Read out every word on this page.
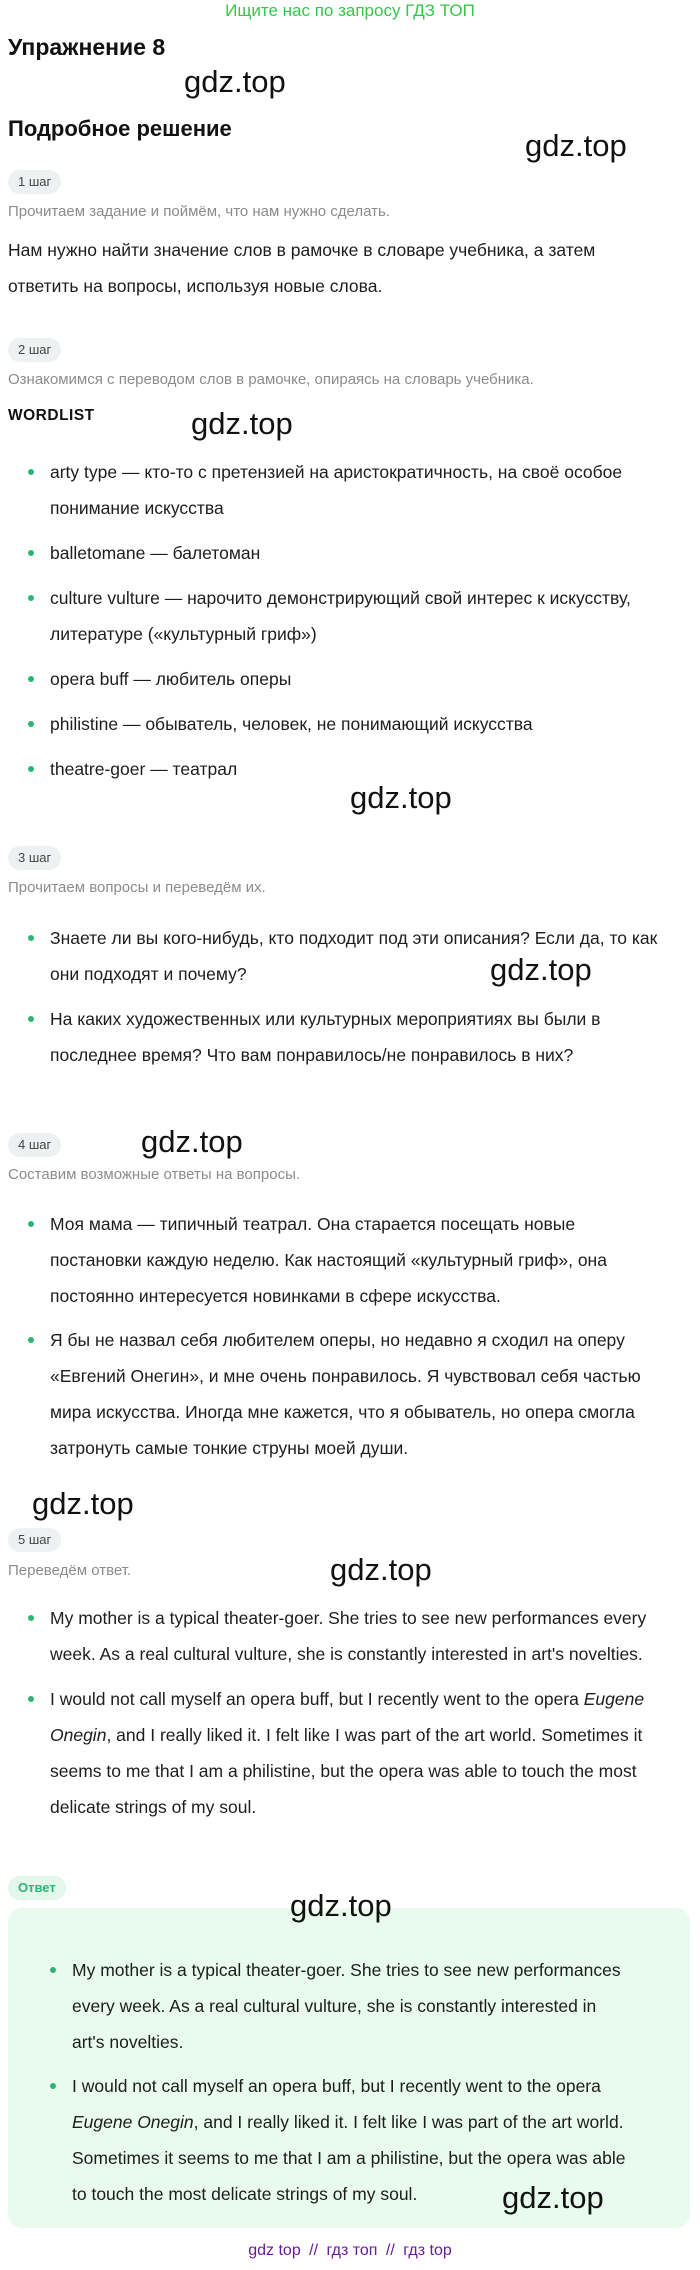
Ищите нас по запросу ГДЗ ТОП
Упражнение 8
gdz.top
Подробное решение	gdz.top
1 шаг
Прочитаем задание и поймём, что нам нужно сделать.
Нам нужно найти значение слов в рамочке в словаре учебника, а затем
ответить на вопросы, используя новые слова.
2 шаг
Ознакомимся с переводом слов в рамочке, опираясь на словарь учебника.
WORDLIST	gdz.top
arty type — кто-то с претензией на аристократичность, на своё особое
понимание искусства
balletomane — балетоман
culture vulture — нарочито демонстрирующий свой интерес к искусству,
литературе («культурный гриф»)
opera buff — любитель оперы
philistine — обыватель, человек, не понимающий искусства
theatre-goer — театрал
gdz.top
3 шаг
Прочитаем вопросы и переведём их.
Знаете ли вы кого-нибудь, кто подходит под эти описания? Если да, то как
они подходят и почему?	gdz.top
На каких художественных или культурных мероприятиях вы были в
последнее время? Что вам понравилось/не понравилось в них?
4 шаг	gdz.top
Составим возможные ответы на вопросы.
Моя мама — типичный театрал. Она старается посещать новые
постановки каждую неделю. Как настоящий «культурный гриф», она
постоянно интересуется новинками в сфере искусства.
Я бы не назвал себя любителем оперы, но недавно я сходил на оперу
«Евгений Онегин», и мне очень понравилось. Я чувствовал себя частью
мира искусства. Иногда мне кажется, что я обыватель, но опера смогла
затронуть самые тонкие струны моей души.
gdz.top
5 шаг
Переведём ответ.	gdz.top
My mother is a typical theater-goer. She tries to see new performances every
week. As a real cultural vulture, she is constantly interested in art's novelties.
I would not call myself an opera buff, but I recently went to the opera Eugene
Onegin, and I really liked it. I felt like I was part of the art world. Sometimes it
seems to me that I am a philistine, but the opera was able to touch the most
delicate strings of my soul.
Ответ
gdz.top
My mother is a typical theater-goer. She tries to see new performances
every week. As a real cultural vulture, she is constantly interested in
art's novelties.
I would not call myself an opera buff, but I recently went to the opera
Eugene Onegin, and I really liked it. I felt like I was part of the art world.
Sometimes it seems to me that I am a philistine, but the opera was able
to touch the most delicate strings of my soul.	gdz.top
gdz top // гдз топ // гдз top
